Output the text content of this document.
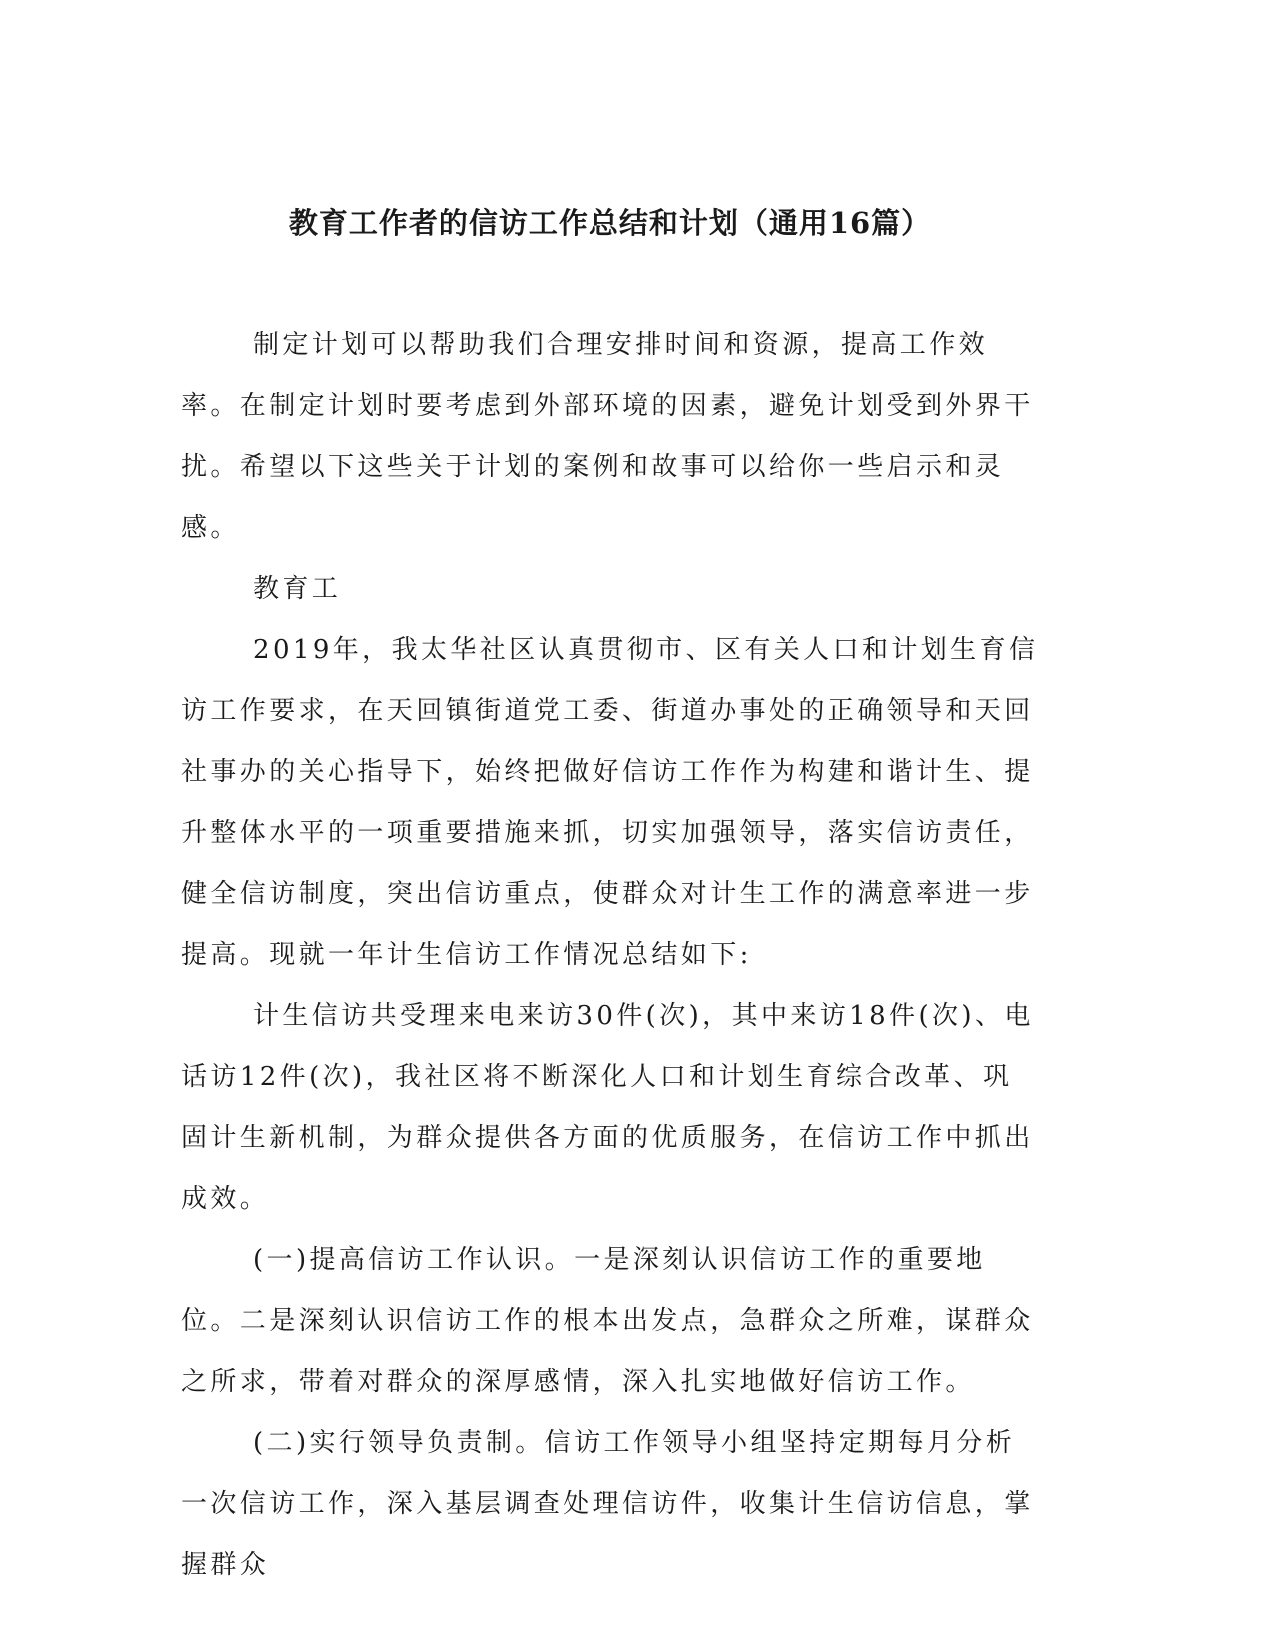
教育工作者的信访工作总结和计划（通用16篇）

制定计划可以帮助我们合理安排时间和资源，提高工作效率。在制定计划时要考虑到外部环境的因素，避免计划受到外界干扰。希望以下这些关于计划的案例和故事可以给你一些启示和灵感。

教育工

2019年，我太华社区认真贯彻市、区有关人口和计划生育信访工作要求，在天回镇街道党工委、街道办事处的正确领导和天回社事办的关心指导下，始终把做好信访工作作为构建和谐计生、提升整体水平的一项重要措施来抓，切实加强领导，落实信访责任，健全信访制度，突出信访重点，使群众对计生工作的满意率进一步提高。现就一年计生信访工作情况总结如下:

计生信访共受理来电来访30件(次)，其中来访18件(次)、电话访12件(次)，我社区将不断深化人口和计划生育综合改革、巩固计生新机制，为群众提供各方面的优质服务，在信访工作中抓出成效。

(一)提高信访工作认识。一是深刻认识信访工作的重要地位。二是深刻认识信访工作的根本出发点，急群众之所难，谋群众之所求，带着对群众的深厚感情，深入扎实地做好信访工作。

(二)实行领导负责制。信访工作领导小组坚持定期每月分析一次信访工作，深入基层调查处理信访件，收集计生信访信息，掌握群众
